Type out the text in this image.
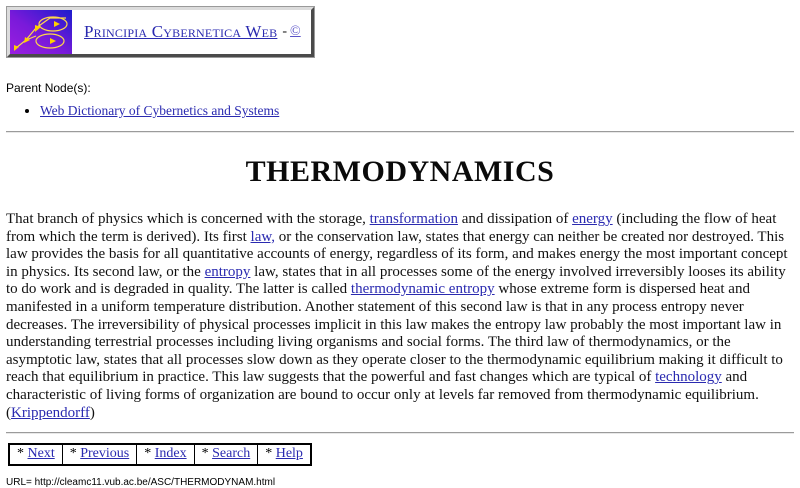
Principia Cybernetica Web - ©
Parent Node(s):
• Web Dictionary of Cybernetics and Systems
THERMODYNAMICS

That branch of physics which is concerned with the storage, transformation and dissipation of energy (including the flow of heat from which the term is derived). Its first law, or the conservation law, states that energy can neither be created nor destroyed. This law provides the basis for all quantitative accounts of energy, regardless of its form, and makes energy the most important concept in physics. Its second law, or the entropy law, states that in all processes some of the energy involved irreversibly looses its ability to do work and is degraded in quality. The latter is called thermodynamic entropy whose extreme form is dispersed heat and manifested in a uniform temperature distribution. Another statement of this second law is that in any process entropy never decreases. The irreversibility of physical processes implicit in this law makes the entropy law probably the most important law in understanding terrestrial processes including living organisms and social forms. The third law of thermodynamics, or the asymptotic law, states that all processes slow down as they operate closer to the thermodynamic equilibrium making it difficult to reach that equilibrium in practice. This law suggests that the powerful and fast changes which are typical of technology and characteristic of living forms of organization are bound to occur only at levels far removed from thermodynamic equilibrium. (Krippendorff)

* Next	* Previous	* Index	* Search	* Help
URL= http://cleamc11.vub.ac.be/ASC/THERMODYNAM.html
